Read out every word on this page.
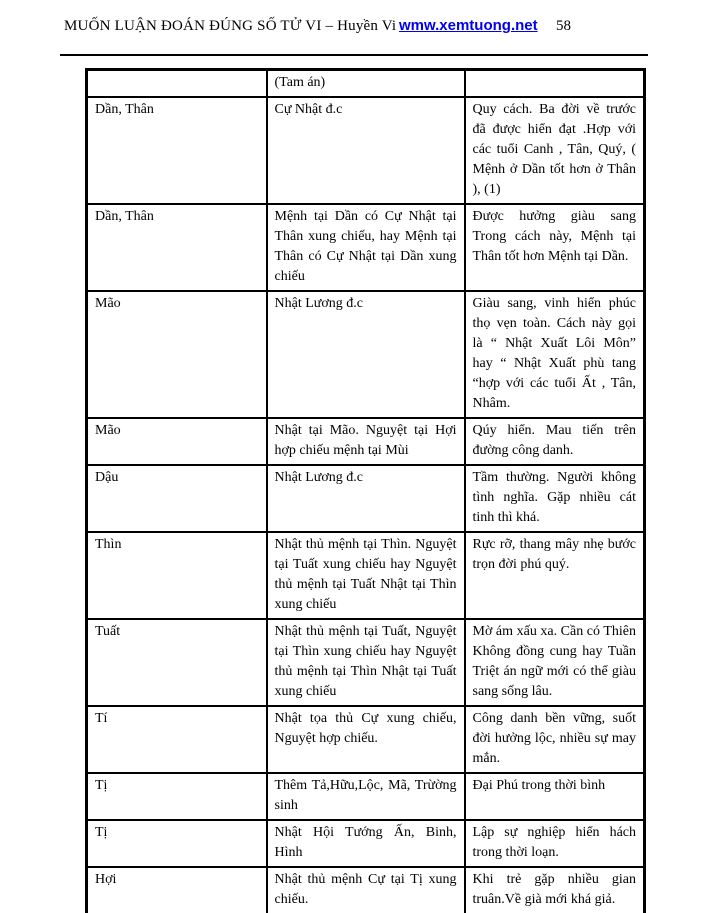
MUỐN LUẬN ĐOÁN ĐÚNG SỐ TỬ VI – Huyền Vi wmw.xemtuong.net 58
	(Tam án)	
Dần, Thân	Cự Nhật đ.c	Quy cách. Ba đời về trước đã được hiển đạt .Hợp với các tuổi Canh , Tân, Quý, ( Mệnh ở Dần tốt hơn ở Thân ), (1)
Dần, Thân	Mệnh tại Dần có Cự Nhật tại Thân xung chiếu, hay Mệnh tại Thân có Cự Nhật tại Dần xung chiếu	Được hưởng giàu sang Trong cách này, Mệnh tại Thân tốt hơn Mệnh tại Dần.
Mão	Nhật Lương đ.c	Giàu sang, vinh hiển phúc thọ vẹn toàn. Cách này gọi là “ Nhật Xuất Lôi Môn” hay “ Nhật Xuất phù tang “hợp với các tuổi Ất , Tân, Nhâm.
Mão	Nhật tại Mão. Nguyệt tại Hợi hợp chiếu mệnh tại Mùi	Qúy hiển. Mau tiến trên đường công danh.
Dậu	Nhật Lương đ.c	Tầm thường. Người không tình nghĩa. Gặp nhiều cát tinh thì khá.
Thìn	Nhật thủ mệnh tại Thìn. Nguyệt tại Tuất xung chiếu hay Nguyệt thủ mệnh tại Tuất Nhật tại Thìn xung chiếu	Rực rỡ, thang mây nhẹ bước trọn đời phú quý.
Tuất	Nhật thủ mệnh tại Tuất, Nguyệt tại Thìn xung chiếu hay Nguyệt thủ mệnh tại Thìn Nhật tại Tuất xung chiếu	Mờ ám xấu xa. Cần có Thiên Không đồng cung hay Tuần Triệt án ngữ mới có thể giàu sang sống lâu.
Tí	Nhật tọa thủ Cự xung chiếu, Nguyệt hợp chiếu.	Công danh bền vững, suốt đời hưởng lộc, nhiều sự may mắn.
Tị	Thêm Tả,Hữu,Lộc, Mã, Trừờng sinh	Đại Phú trong thời bình
Tị	Nhật Hội Tướng Ấn, Binh, Hình	Lập sự nghiệp hiển hách trong thời loạn.
Hợi	Nhật thủ mệnh Cự tại Tị xung chiếu.	Khi trẻ gặp nhiều gian truân.Về già mới khá giả.
